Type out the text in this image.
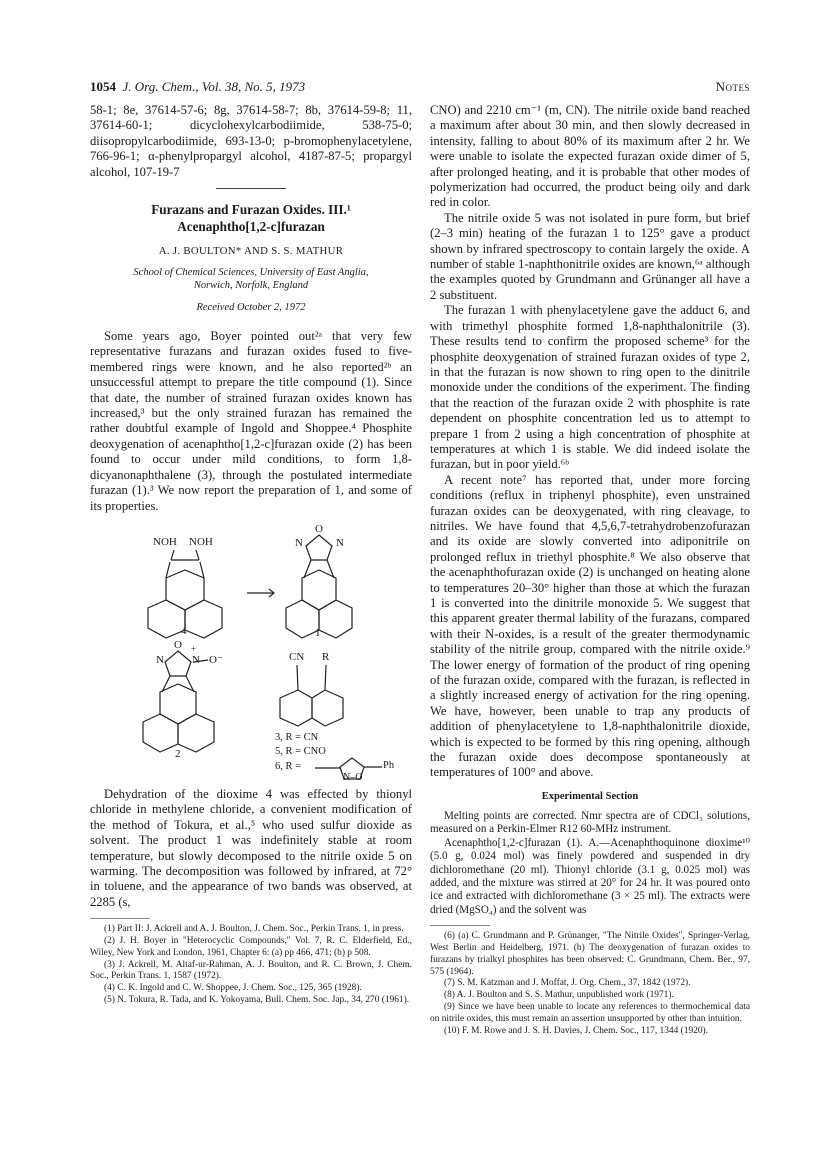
1054 J. Org. Chem., Vol. 38, No. 5, 1973	Notes

58-1; 8e, 37614-57-6; 8g, 37614-58-7; 8b, 37614-59-8; 11, 37614-60-1; dicyclohexylcarbodiimide, 538-75-0; diisopropylcarbodiimide, 693-13-0; p-bromophenylacetylene, 766-96-1; α-phenylpropargyl alcohol, 4187-87-5; propargyl alcohol, 107-19-7

Furazans and Furazan Oxides. III.¹

Acenaphtho[1,2-c]furazan

A. J. BOULTON* AND S. S. MATHUR

School of Chemical Sciences, University of East Anglia,
Norwich, Norfolk, England

Received October 2, 1972

Some years ago, Boyer pointed out²ᵃ that very few representative furazans and furazan oxides fused to five-membered rings were known, and he also reported²ᵇ an unsuccessful attempt to prepare the title compound (1). Since that date, the number of strained furazan oxides known has increased,³ but the only strained furazan has remained the rather doubtful example of Ingold and Shoppee.⁴ Phosphite deoxygenation of acenaphtho[1,2-c]furazan oxide (2) has been found to occur under mild conditions, to form 1,8-dicyanonaphthalene (3), through the postulated intermediate furazan (1).³ We now report the preparation of 1, and some of its properties.

NOH NOH
O
N	N
4	1
O
N	N
+
O⁻	CN R
2
3, R = CN
5, R = CNO
6, R =	Ph
N–O

Dehydration of the dioxime 4 was effected by thionyl chloride in methylene chloride, a convenient modification of the method of Tokura, et al.,⁵ who used sulfur dioxide as solvent. The product 1 was indefinitely stable at room temperature, but slowly decomposed to the nitrile oxide 5 on warming. The decomposition was followed by infrared, at 72° in toluene, and the appearance of two bands was observed, at 2285 (s,

(1) Part II: J. Ackrell and A. J. Boulton, J. Chem. Soc., Perkin Trans. 1, in press.

(2) J. H. Boyer in "Heterocyclic Compounds," Vol. 7, R. C. Elderfield, Ed., Wiley, New York and London, 1961, Chapter 6: (a) pp 466, 471; (b) p 508.

(3) J. Ackrell, M. Altaf-ur-Rahman, A. J. Boulton, and R. C. Brown, J. Chem. Soc., Perkin Trans. 1, 1587 (1972).

(4) C. K. Ingold and C. W. Shoppee, J. Chem. Soc., 125, 365 (1928).

(5) N. Tokura, R. Tada, and K. Yokoyama, Bull. Chem. Soc. Jap., 34, 270 (1961).

CNO) and 2210 cm⁻¹ (m, CN). The nitrile oxide band reached a maximum after about 30 min, and then slowly decreased in intensity, falling to about 80% of its maximum after 2 hr. We were unable to isolate the expected furazan oxide dimer of 5, after prolonged heating, and it is probable that other modes of polymerization had occurred, the product being oily and dark red in color.

The nitrile oxide 5 was not isolated in pure form, but brief (2–3 min) heating of the furazan 1 to 125° gave a product shown by infrared spectroscopy to contain largely the oxide. A number of stable 1-naphthonitrile oxides are known,⁶ᵃ although the examples quoted by Grundmann and Grünanger all have a 2 substituent.

The furazan 1 with phenylacetylene gave the adduct 6, and with trimethyl phosphite formed 1,8-naphthalonitrile (3). These results tend to confirm the proposed scheme³ for the phosphite deoxygenation of strained furazan oxides of type 2, in that the furazan is now shown to ring open to the dinitrile monoxide under the conditions of the experiment. The finding that the reaction of the furazan oxide 2 with phosphite is rate dependent on phosphite concentration led us to attempt to prepare 1 from 2 using a high concentration of phosphite at temperatures at which 1 is stable. We did indeed isolate the furazan, but in poor yield.⁶ᵇ

A recent note⁷ has reported that, under more forcing conditions (reflux in triphenyl phosphite), even unstrained furazan oxides can be deoxygenated, with ring cleavage, to nitriles. We have found that 4,5,6,7-tetrahydrobenzofurazan and its oxide are slowly converted into adiponitrile on prolonged reflux in triethyl phosphite.⁸ We also observe that the acenaphthofurazan oxide (2) is unchanged on heating alone to temperatures 20–30° higher than those at which the furazan 1 is converted into the dinitrile monoxide 5. We suggest that this apparent greater thermal lability of the furazans, compared with their N-oxides, is a result of the greater thermodynamic stability of the nitrile group, compared with the nitrile oxide.⁹ The lower energy of formation of the product of ring opening of the furazan oxide, compared with the furazan, is reflected in a slightly increased energy of activation for the ring opening. We have, however, been unable to trap any products of addition of phenylacetylene to 1,8-naphthalonitrile dioxide, which is expected to be formed by this ring opening, although the furazan oxide does decompose spontaneously at temperatures of 100° and above.

Experimental Section

Melting points are corrected. Nmr spectra are of CDCl₃ solutions, measured on a Perkin-Elmer R12 60-MHz instrument.

Acenaphtho[1,2-c]furazan (1). A.—Acenaphthoquinone dioxime¹⁰ (5.0 g, 0.024 mol) was finely powdered and suspended in dry dichloromethane (20 ml). Thionyl chloride (3.1 g, 0.025 mol) was added, and the mixture was stirred at 20° for 24 hr. It was poured onto ice and extracted with dichloromethane (3 × 25 ml). The extracts were dried (MgSO₄) and the solvent was

(6) (a) C. Grundmann and P. Grünanger, "The Nitrile Oxides", Springer-Verlag, West Berlin and Heidelberg, 1971. (b) The deoxygenation of furazan oxides to furazans by trialkyl phosphites has been observed: C. Grundmann, Chem. Ber., 97, 575 (1964).

(7) S. M. Katzman and J. Moffat, J. Org. Chem., 37, 1842 (1972).

(8) A. J. Boulton and S. S. Mathur, unpublished work (1971).

(9) Since we have been unable to locate any references to thermochemical data on nitrile oxides, this must remain an assertion unsupported by other than intuition.

(10) F. M. Rowe and J. S. H. Davies, J. Chem. Soc., 117, 1344 (1920).
